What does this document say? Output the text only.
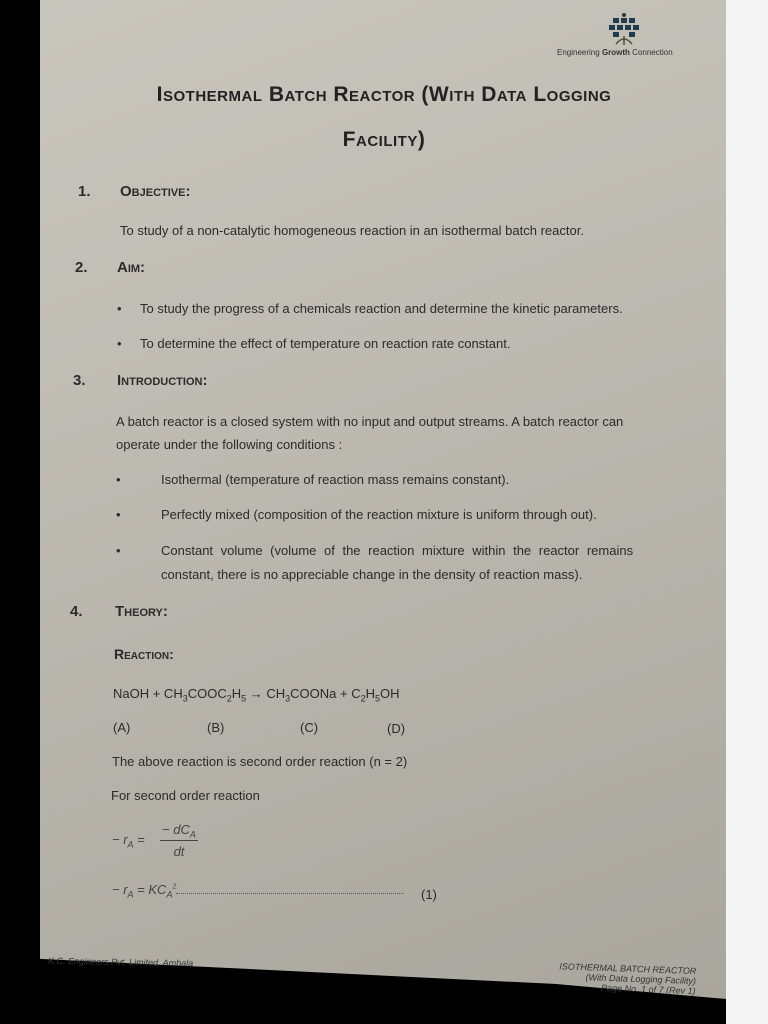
Engineering Growth Connection
Isothermal Batch Reactor (With Data Logging
Facility)
1. Objective:
To study of a non-catalytic homogeneous reaction in an isothermal batch reactor.
2. Aim:
• To study the progress of a chemicals reaction and determine the kinetic parameters.
• To determine the effect of temperature on reaction rate constant.
3. Introduction:
A batch reactor is a closed system with no input and output streams. A batch reactor can
operate under the following conditions :
•	Isothermal (temperature of reaction mass remains constant).
•	Perfectly mixed (composition of the reaction mixture is uniform through out).
•	Constant volume (volume of the reaction mixture within the reactor remains
constant, there is no appreciable change in the density of reaction mass).
4. Theory:
Reaction:
NaOH + $CH_3COOC_2H_5$ → $CH_3COONa + C_2H_5OH$
(A)	(B)	(C)	(D)
The above reaction is second order reaction (n = 2)
For second order reaction
− $r_A$ =
− $dC_A$
dt
− $r_A = KC_A^2$	(1)
K.C. Engineers Pvt. Limited, Ambala	ISOTHERMAL BATCH REACTOR
(With Data Logging Facility)
Page No. 1 of 7 (Rev 1)
